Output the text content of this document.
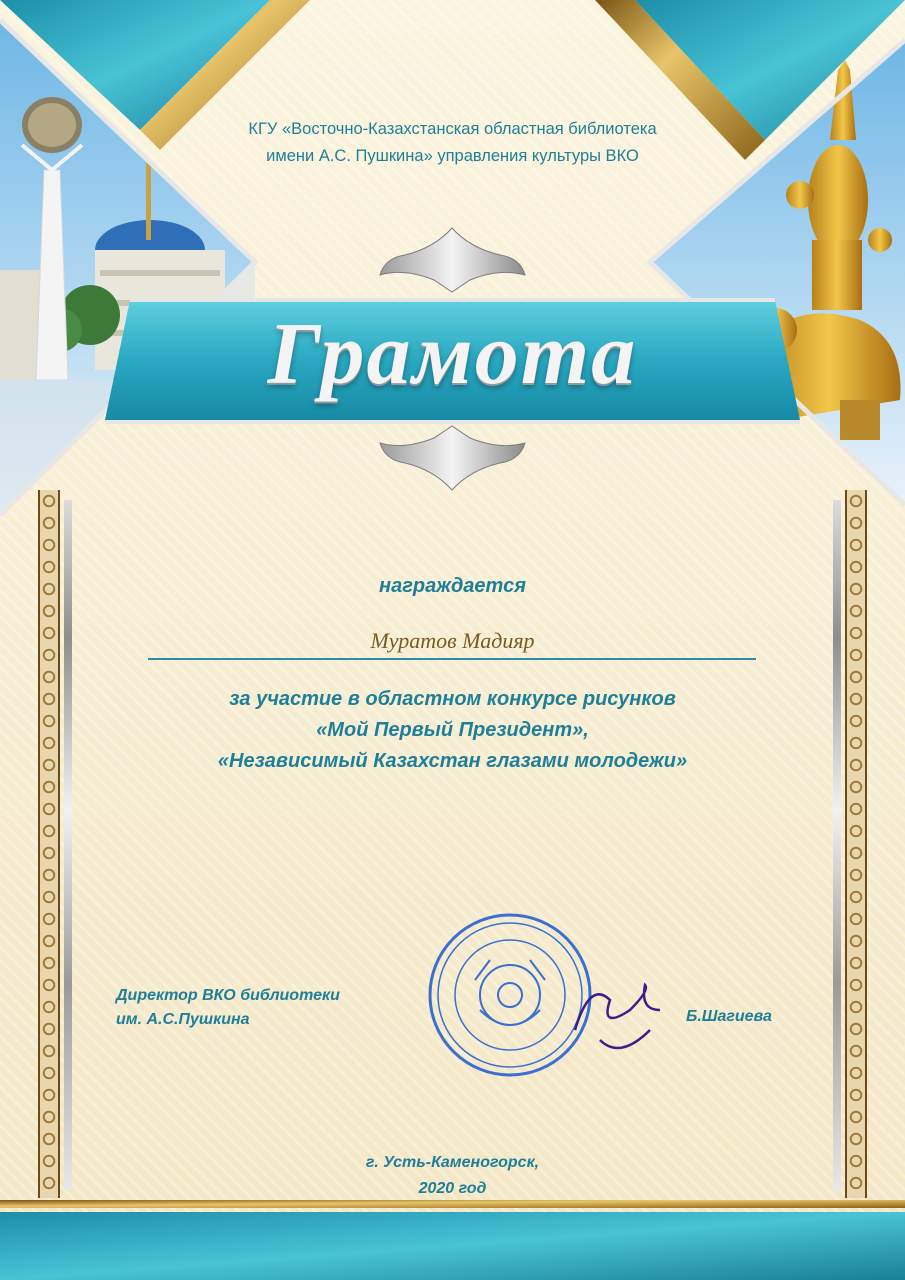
КГУ «Восточно-Казахстанская областная библиотека
имени А.С. Пушкина» управления культуры ВКО
Грамота
награждается
Муратов Мадияр
за участие в областном конкурсе рисунков
«Мой Первый Президент»,
«Независимый Казахстан глазами молодежи»
Директор ВКО библиотеки
им. А.С.Пушкина	Б.Шагиева
г. Усть-Каменогорск,
2020 год
